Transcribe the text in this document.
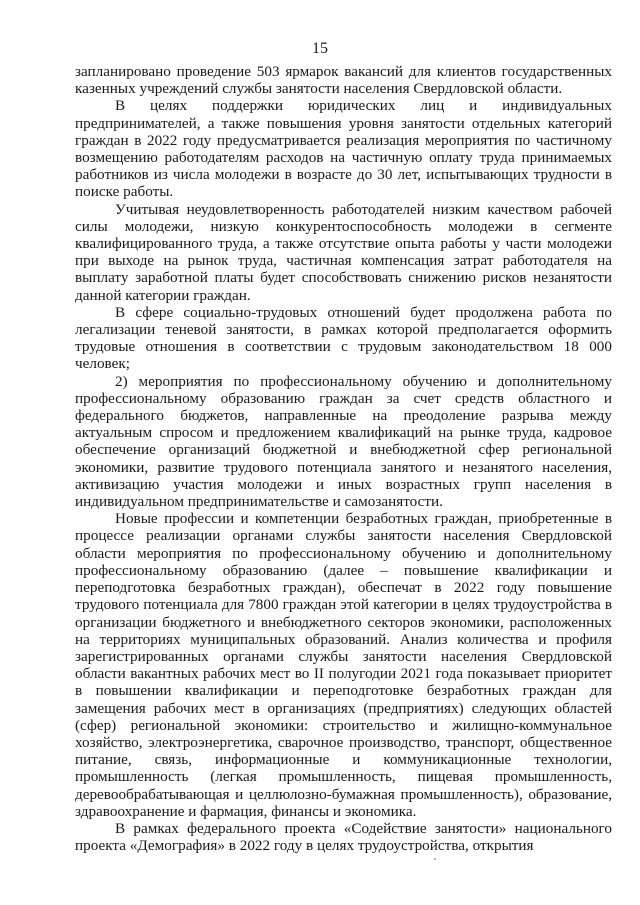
15

запланировано проведение 503 ярмарок вакансий для клиентов государственных казенных учреждений службы занятости населения Свердловской области.

В целях поддержки юридических лиц и индивидуальных предпринимателей, а также повышения уровня занятости отдельных категорий граждан в 2022 году предусматривается реализация мероприятия по частичному возмещению работодателям расходов на частичную оплату труда принимаемых работников из числа молодежи в возрасте до 30 лет, испытывающих трудности в поиске работы.

Учитывая неудовлетворенность работодателей низким качеством рабочей силы молодежи, низкую конкурентоспособность молодежи в сегменте квалифицированного труда, а также отсутствие опыта работы у части молодежи при выходе на рынок труда, частичная компенсация затрат работодателя на выплату заработной платы будет способствовать снижению рисков незанятости данной категории граждан.

В сфере социально-трудовых отношений будет продолжена работа по легализации теневой занятости, в рамках которой предполагается оформить трудовые отношения в соответствии с трудовым законодательством 18 000 человек;

2) мероприятия по профессиональному обучению и дополнительному профессиональному образованию граждан за счет средств областного и федерального бюджетов, направленные на преодоление разрыва между актуальным спросом и предложением квалификаций на рынке труда, кадровое обеспечение организаций бюджетной и внебюджетной сфер региональной экономики, развитие трудового потенциала занятого и незанятого населения, активизацию участия молодежи и иных возрастных групп населения в индивидуальном предпринимательстве и самозанятости.

Новые профессии и компетенции безработных граждан, приобретенные в процессе реализации органами службы занятости населения Свердловской области мероприятия по профессиональному обучению и дополнительному профессиональному образованию (далее – повышение квалификации и переподготовка безработных граждан), обеспечат в 2022 году повышение трудового потенциала для 7800 граждан этой категории в целях трудоустройства в организации бюджетного и внебюджетного секторов экономики, расположенных на территориях муниципальных образований. Анализ количества и профиля зарегистрированных органами службы занятости населения Свердловской области вакантных рабочих мест во II полугодии 2021 года показывает приоритет в повышении квалификации и переподготовке безработных граждан для замещения рабочих мест в организациях (предприятиях) следующих областей (сфер) региональной экономики: строительство и жилищно-коммунальное хозяйство, электроэнергетика, сварочное производство, транспорт, общественное питание, связь, информационные и коммуникационные технологии, промышленность (легкая промышленность, пищевая промышленность, деревообрабатывающая и целлюлозно-бумажная промышленность), образование, здравоохранение и фармация, финансы и экономика.

В рамках федерального проекта «Содействие занятости» национального проекта «Демография» в 2022 году в целях трудоустройства, открытия
